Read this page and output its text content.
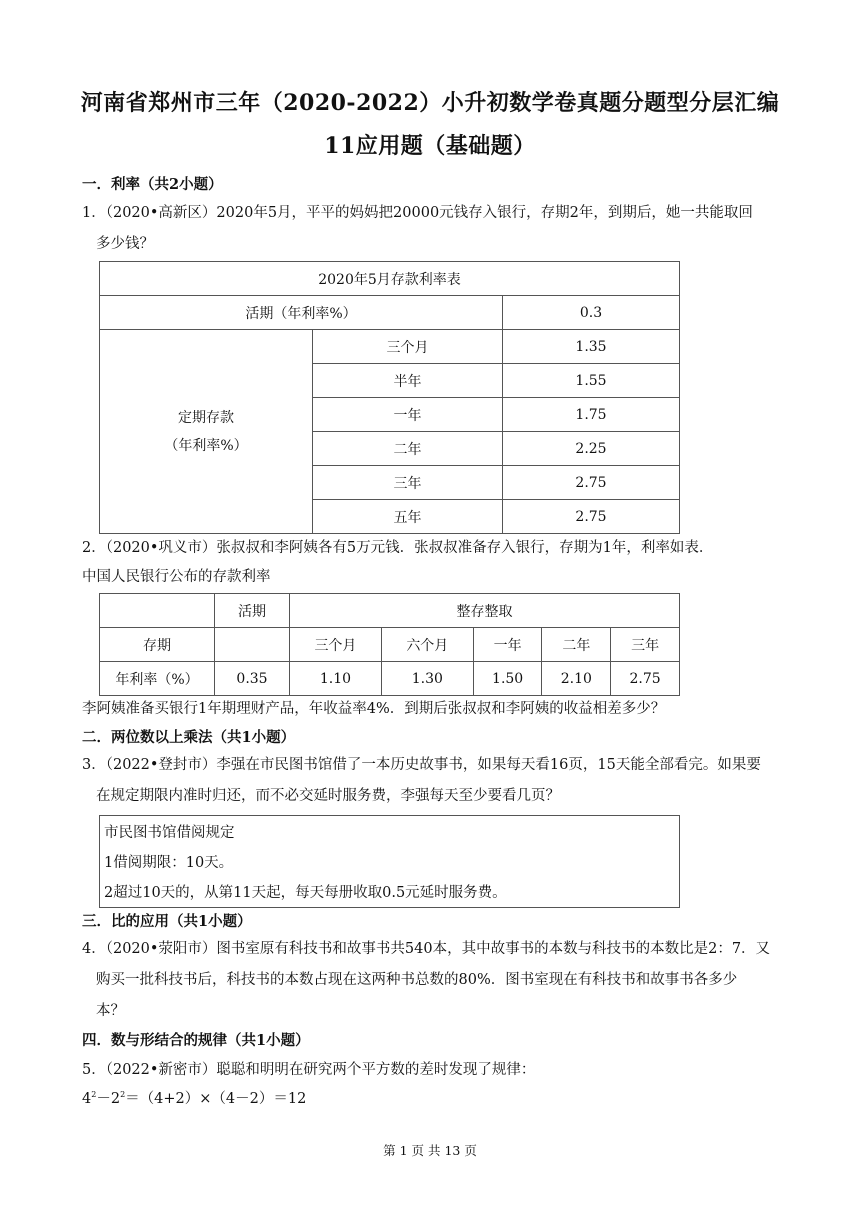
河南省郑州市三年（2020-2022）小升初数学卷真题分题型分层汇编
11应用题（基础题）
一．利率（共2小题）
1．（2020•高新区）2020年5月，平平的妈妈把20000元钱存入银行，存期2年，到期后，她一共能取回
多少钱？
2020年5月存款利率表		
活期（年利率%）		0.3

定期存款
（年利率%）	三个月	1.35
	半年	1.55
	一年	1.75
	二年	2.25
	三年	2.75
	五年	2.75
2．（2020•巩义市）张叔叔和李阿姨各有5万元钱．张叔叔准备存入银行，存期为1年，利率如表．
中国人民银行公布的存款利率
	活期	整存整取				
存期		三个月	六个月	一年	二年	三年
年利率（%）	0.35	1.10	1.30	1.50	2.10	2.75
李阿姨准备买银行1年期理财产品，年收益率4%．到期后张叔叔和李阿姨的收益相差多少？
二．两位数以上乘法（共1小题）
3．（2022•登封市）李强在市民图书馆借了一本历史故事书，如果每天看16页，15天能全部看完。如果要
在规定期限内准时归还，而不必交延时服务费，李强每天至少要看几页？
市民图书馆借阅规定
1借阅期限：10天。
2超过10天的，从第11天起，每天每册收取0.5元延时服务费。
三．比的应用（共1小题）
4．（2020•荥阳市）图书室原有科技书和故事书共540本，其中故事书的本数与科技书的本数比是2：7．又
购买一批科技书后，科技书的本数占现在这两种书总数的80%．图书室现在有科技书和故事书各多少
本？
四．数与形结合的规律（共1小题）
5．（2022•新密市）聪聪和明明在研究两个平方数的差时发现了规律：
$4^2-2^2=(4+2)\times(4-2)=12$
第 1 页 共 13 页
